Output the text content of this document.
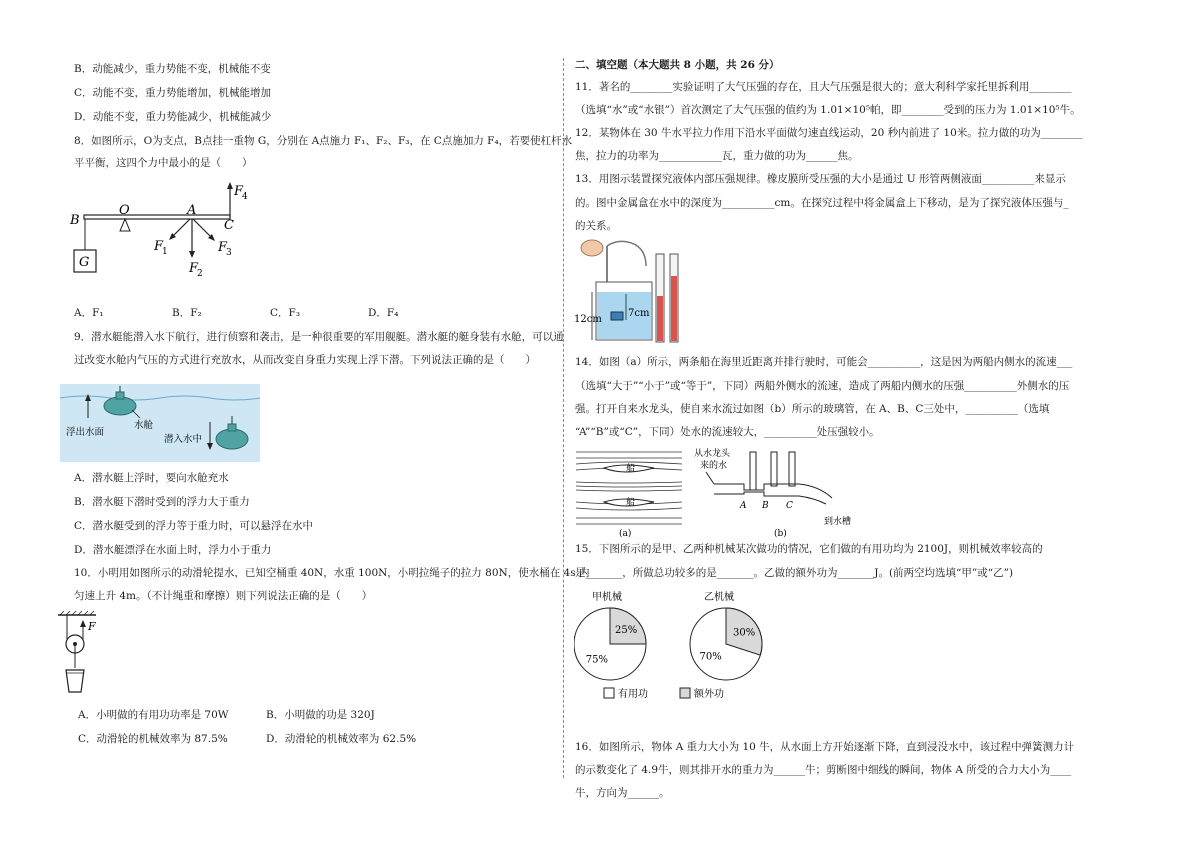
B．动能减少，重力势能不变，机械能不变
C．动能不变，重力势能增加，机械能增加
D．动能不变，重力势能减少，机械能减少
8．如图所示，O为支点，B点挂一重物 G，分别在 A点施力 F₁、F₂、F₃，在 C点施加力 F₄，若要使杠杆水
平平衡，这四个力中最小的是（　　）
B
O	A
C
G
F
4
F
1
F
2
F
3
A．F₁	B．F₂	C．F₃	D．F₄
9．潜水艇能潜入水下航行，进行侦察和袭击，是一种很重要的军用舰艇。潜水艇的艇身装有水舱，可以通
过改变水舱内气压的方式进行充放水，从而改变自身重力实现上浮下潜。下列说法正确的是（　　）
水舱
浮出水面
潜入水中
A．潜水艇上浮时，要向水舱充水
B．潜水艇下潜时受到的浮力大于重力
C．潜水艇受到的浮力等于重力时，可以悬浮在水中
D．潜水艇漂浮在水面上时，浮力小于重力
10．小明用如图所示的动滑轮提水，已知空桶重 40N，水重 100N，小明拉绳子的拉力 80N，使水桶在 4s 内
匀速上升 4m。（不计绳重和摩擦）则下列说法正确的是（　　）
F
A．小明做的有用功功率是 70W	B．小明做的功是 320J
C．动滑轮的机械效率为 87.5%	D．动滑轮的机械效率为 62.5%
二、填空题（本大题共 8 小题，共 26 分）
11．著名的________实验证明了大气压强的存在，且大气压强是很大的；意大利科学家托里拆利用________
（选填“水”或“水银”）首次测定了大气压强的值约为 1.01×10⁵帕，即________受到的压力为 1.01×10⁵牛。
12．某物体在 30 牛水平拉力作用下沿水平面做匀速直线运动，20 秒内前进了 10米。拉力做的功为________
焦，拉力的功率为____________瓦，重力做的功为______焦。
13．用图示装置探究液体内部压强规律。橡皮膜所受压强的大小是通过 U 形管两侧液面__________来显示
的。图中金属盒在水中的深度为__________cm。在探究过程中将金属盒上下移动，是为了探究液体压强与_
的关系。
7cm
12cm
14．如图（a）所示，两条船在海里近距离并排行驶时，可能会__________，这是因为两船内侧水的流速___
（选填“大于”“小于”或“等于”，下同）两船外侧水的流速，造成了两船内侧水的压强__________外侧水的压
强。打开自来水龙头，使自来水流过如图（b）所示的玻璃管，在 A、B、C三处中，__________（选填
“A”“B”或“C”，下同）处水的流速较大，__________处压强较小。
船
船
(a)
从水龙头
来的水
A B C
到水槽
(b)
15．下图所示的是甲、乙两种机械某次做功的情况，它们做的有用功均为 2100J，则机械效率较高的
是_______，所做总功较多的是_______。乙做的额外功为_______J。(前两空均选填“甲”或“乙”)
甲机械	乙机械
25%
75%
30%
70%
有用功	额外功
16．如图所示，物体 A 重力大小为 10 牛，从水面上方开始逐渐下降，直到浸没水中，该过程中弹簧测力计
的示数变化了 4.9牛，则其排开水的重力为______牛；剪断图中细线的瞬间，物体 A 所受的合力大小为____
牛，方向为______。
